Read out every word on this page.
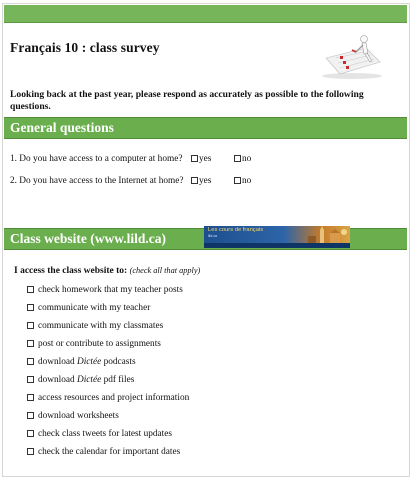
Français 10 : class survey
Looking back at the past year, please respond as accurately as possible to the following questions.
General questions
1. Do you have access to a computer at home?	yes	no
2. Do you have access to the Internet at home?	yes	no
Class website (www.lild.ca)
Les cours de français
lild.ca
I access the class website to: (check all that apply)
check homework that my teacher posts
communicate with my teacher
communicate with my classmates
post or contribute to assignments
download Dictée podcasts
download Dictée pdf files
access resources and project information
download worksheets
check class tweets for latest updates
check the calendar for important dates
